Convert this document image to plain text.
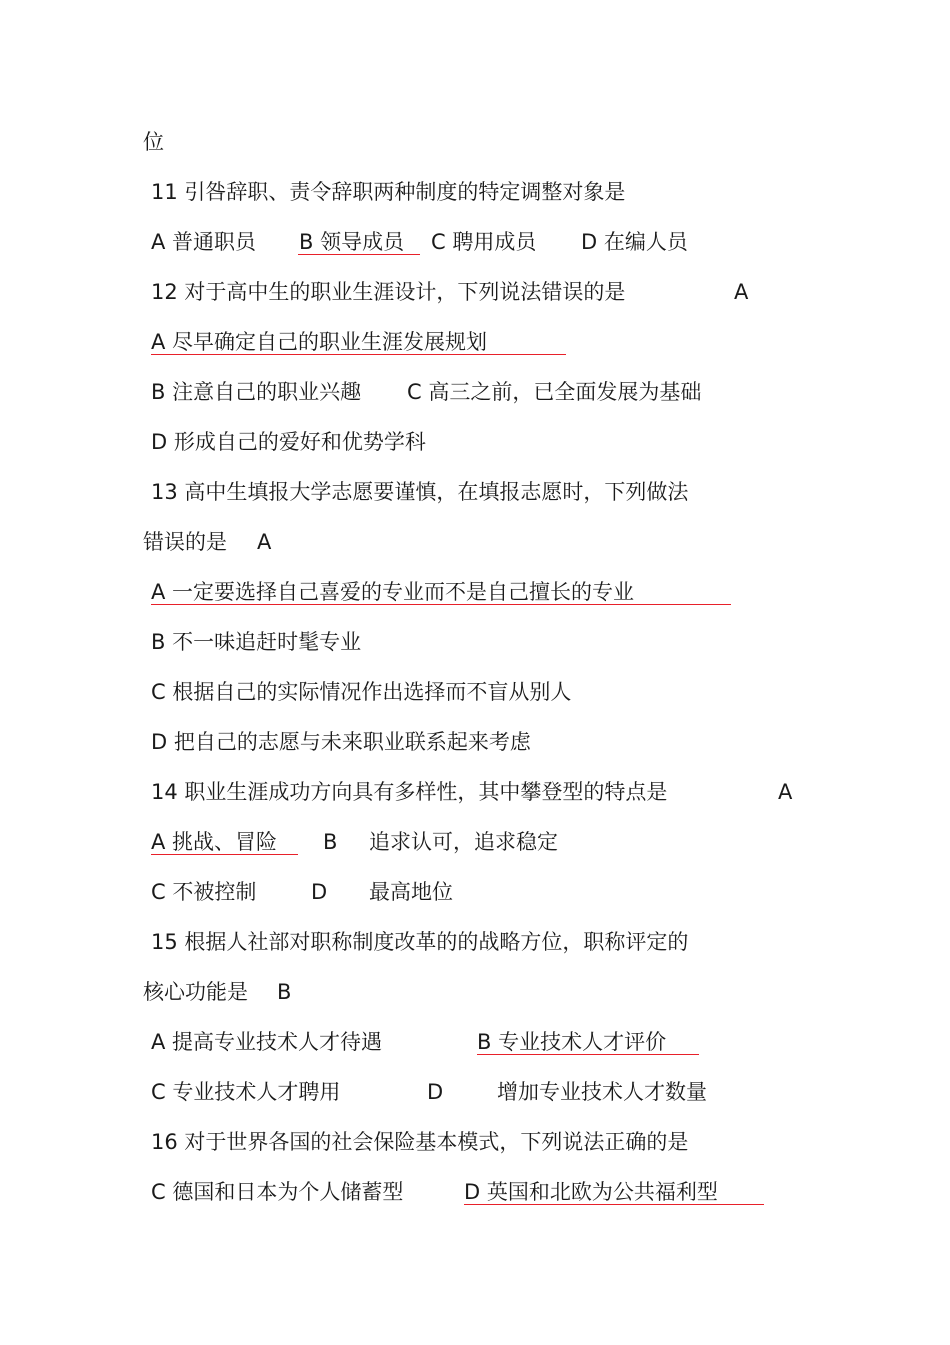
位
11 引咎辞职、责令辞职两种制度的特定调整对象是
A 普通职员 B 领导成员 C 聘用成员 D 在编人员
12 对于高中生的职业生涯设计，下列说法错误的是	A
A 尽早确定自己的职业生涯发展规划
B 注意自己的职业兴趣 C 高三之前，已全面发展为基础
D 形成自己的爱好和优势学科
13 高中生填报大学志愿要谨慎，在填报志愿时，下列做法
错误的是 A
A 一定要选择自己喜爱的专业而不是自己擅长的专业
B 不一味追赶时髦专业
C 根据自己的实际情况作出选择而不盲从别人
D 把自己的志愿与未来职业联系起来考虑
14 职业生涯成功方向具有多样性，其中攀登型的特点是	A
A 挑战、冒险 B 追求认可，追求稳定
C 不被控制	D 最高地位
15 根据人社部对职称制度改革的的战略方位，职称评定的
核心功能是 B
A 提高专业技术人才待遇	B 专业技术人才评价
C 专业技术人才聘用	D	增加专业技术人才数量
16 对于世界各国的社会保险基本模式，下列说法正确的是
C 德国和日本为个人储蓄型	D 英国和北欧为公共福利型
